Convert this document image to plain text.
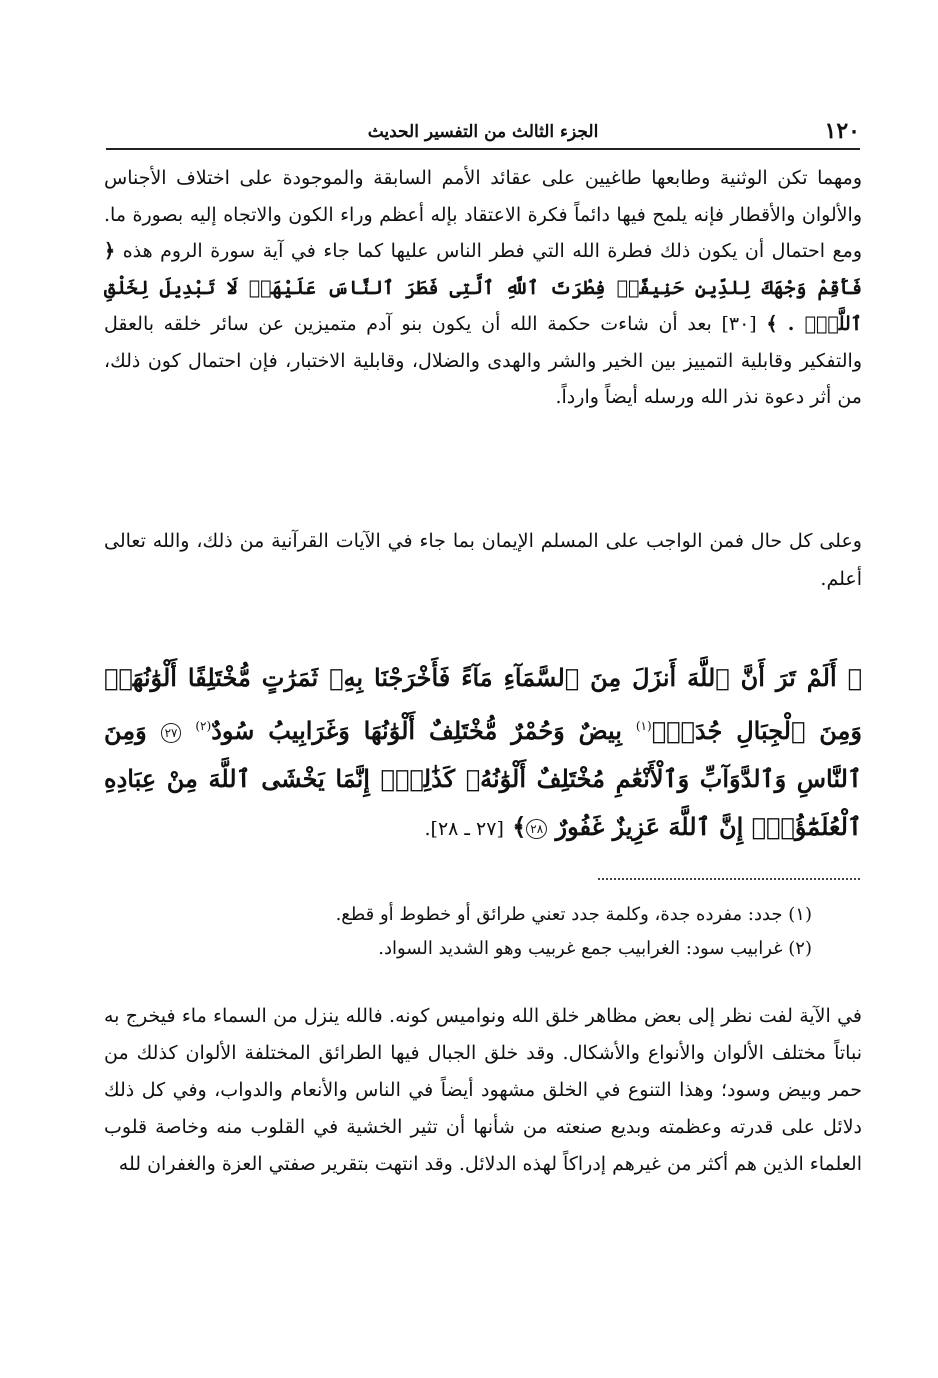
١٢٠
الجزء الثالث من التفسير الحديث

ومهما تكن الوثنية وطابعها طاغيين على عقائد الأمم السابقة والموجودة على اختلاف الأجناس والألوان والأقطار فإنه يلمح فيها دائماً فكرة الاعتقاد بإله أعظم وراء الكون والاتجاه إليه بصورة ما. ومع احتمال أن يكون ذلك فطرة الله التي فطر الناس عليها كما جاء في آية سورة الروم هذه ﴿ فَأَقِمْ وَجْهَكَ لِلدِّينِ حَنِيفًاۚ فِطْرَتَ ٱللَّهِ ٱلَّتِى فَطَرَ ٱلنَّاسَ عَلَيْهَاۚ لَا تَبْدِيلَ لِخَلْقِ ٱللَّهِۚ . ﴾ [٣٠] بعد أن شاءت حكمة الله أن يكون بنو آدم متميزين عن سائر خلقه بالعقل والتفكير وقابلية التمييز بين الخير والشر والهدى والضلال، وقابلية الاختبار، فإن احتمال كون ذلك، من أثر دعوة نذر الله ورسله أيضاً وارداً.

وعلى كل حال فمن الواجب على المسلم الإيمان بما جاء في الآيات القرآنية من ذلك، والله تعالى أعلم.

﴿ أَلَمْ تَرَ أَنَّ ٱللَّهَ أَنزَلَ مِنَ ٱلسَّمَآءِ مَآءً فَأَخْرَجْنَا بِهِۦ ثَمَرَٰتٍ مُّخْتَلِفًا أَلْوَٰنُهَاۚ وَمِنَ ٱلْجِبَالِ جُدَدٌۢ$^{(١)}$ بِيضٌ وَحُمْرٌ مُّخْتَلِفٌ أَلْوَٰنُهَا وَغَرَابِيبُ سُودٌ$^{(٢)}$ ٢٧ وَمِنَ ٱلنَّاسِ وَٱلدَّوَآبِّ وَٱلْأَنْعَٰمِ مُخْتَلِفٌ أَلْوَٰنُهُۥ كَذَٰلِكَۗ إِنَّمَا يَخْشَى ٱللَّهَ مِنْ عِبَادِهِ ٱلْعُلَمَٰٓؤُاْۗ إِنَّ ٱللَّهَ عَزِيزٌ غَفُورٌ ٢٨﴾ [٢٧ ـ ٢٨].

(١) جدد: مفرده جدة، وكلمة جدد تعني طرائق أو خطوط أو قطع.

(٢) غرابيب سود: الغرابيب جمع غربيب وهو الشديد السواد.

في الآية لفت نظر إلى بعض مظاهر خلق الله ونواميس كونه. فالله ينزل من السماء ماء فيخرج به نباتاً مختلف الألوان والأنواع والأشكال. وقد خلق الجبال فيها الطرائق المختلفة الألوان كذلك من حمر وبيض وسود؛ وهذا التنوع في الخلق مشهود أيضاً في الناس والأنعام والدواب، وفي كل ذلك دلائل على قدرته وعظمته وبديع صنعته من شأنها أن تثير الخشية في القلوب منه وخاصة قلوب العلماء الذين هم أكثر من غيرهم إدراكاً لهذه الدلائل. وقد انتهت بتقرير صفتي العزة والغفران لله
